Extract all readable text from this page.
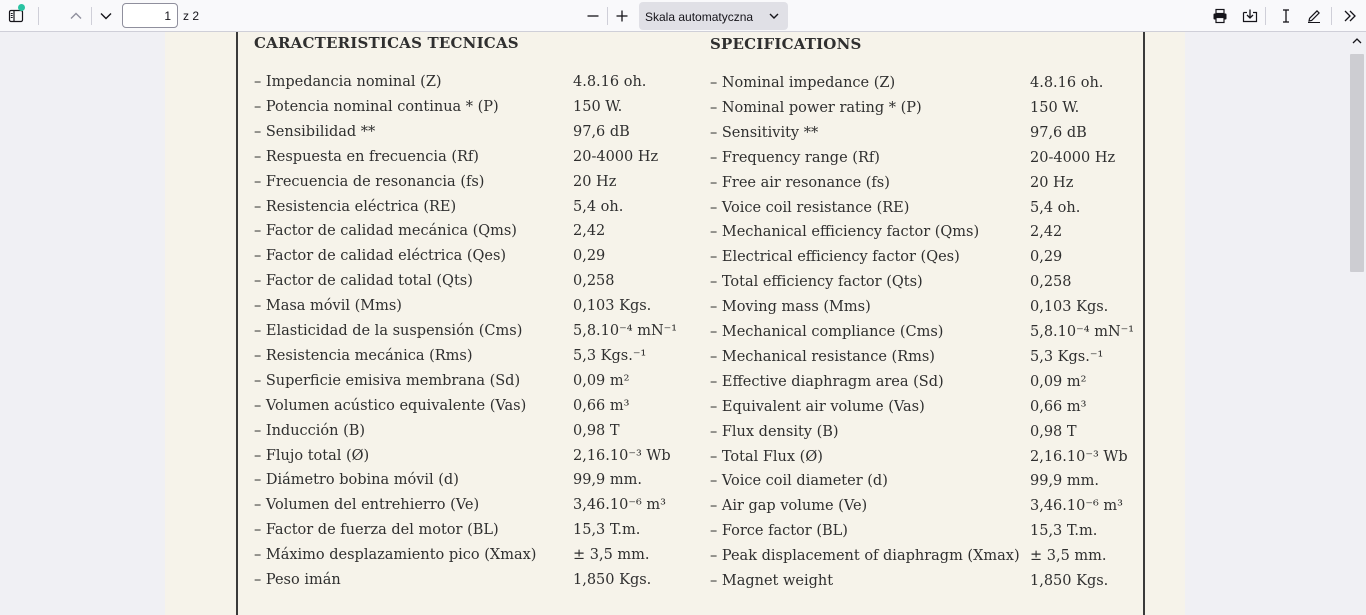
1
z 2	Skala automatyczna
CARACTERISTICAS TECNICAS	SPECIFICATIONS
– Impedancia nominal (Z)	4.8.16 oh.
– Potencia nominal continua * (P)	150 W.
– Sensibilidad **	97,6 dB
– Respuesta en frecuencia (Rf)	20-4000 Hz
– Frecuencia de resonancia (fs)	20 Hz
– Resistencia eléctrica (RE)	5,4 oh.
– Factor de calidad mecánica (Qms)	2,42
– Factor de calidad eléctrica (Qes)	0,29
– Factor de calidad total (Qts)	0,258
– Masa móvil (Mms)	0,103 Kgs.
– Elasticidad de la suspensión (Cms)	5,8.10⁻⁴ mN⁻¹
– Resistencia mecánica (Rms)	5,3 Kgs.⁻¹
– Superficie emisiva membrana (Sd)	0,09 m²
– Volumen acústico equivalente (Vas)	0,66 m³
– Inducción (B)	0,98 T
– Flujo total (Ø)	2,16.10⁻³ Wb
– Diámetro bobina móvil (d)	99,9 mm.
– Volumen del entrehierro (Ve)	3,46.10⁻⁶ m³
– Factor de fuerza del motor (BL)	15,3 T.m.
– Máximo desplazamiento pico (Xmax)	± 3,5 mm.
– Peso imán	1,850 Kgs.
– Nominal impedance (Z)	4.8.16 oh.
– Nominal power rating * (P)	150 W.
– Sensitivity **	97,6 dB
– Frequency range (Rf)	20-4000 Hz
– Free air resonance (fs)	20 Hz
– Voice coil resistance (RE)	5,4 oh.
– Mechanical efficiency factor (Qms)	2,42
– Electrical efficiency factor (Qes)	0,29
– Total efficiency factor (Qts)	0,258
– Moving mass (Mms)	0,103 Kgs.
– Mechanical compliance (Cms)	5,8.10⁻⁴ mN⁻¹
– Mechanical resistance (Rms)	5,3 Kgs.⁻¹
– Effective diaphragm area (Sd)	0,09 m²
– Equivalent air volume (Vas)	0,66 m³
– Flux density (B)	0,98 T
– Total Flux (Ø)	2,16.10⁻³ Wb
– Voice coil diameter (d)	99,9 mm.
– Air gap volume (Ve)	3,46.10⁻⁶ m³
– Force factor (BL)	15,3 T.m.
– Peak displacement of diaphragm (Xmax) ± 3,5 mm.
– Magnet weight	1,850 Kgs.
